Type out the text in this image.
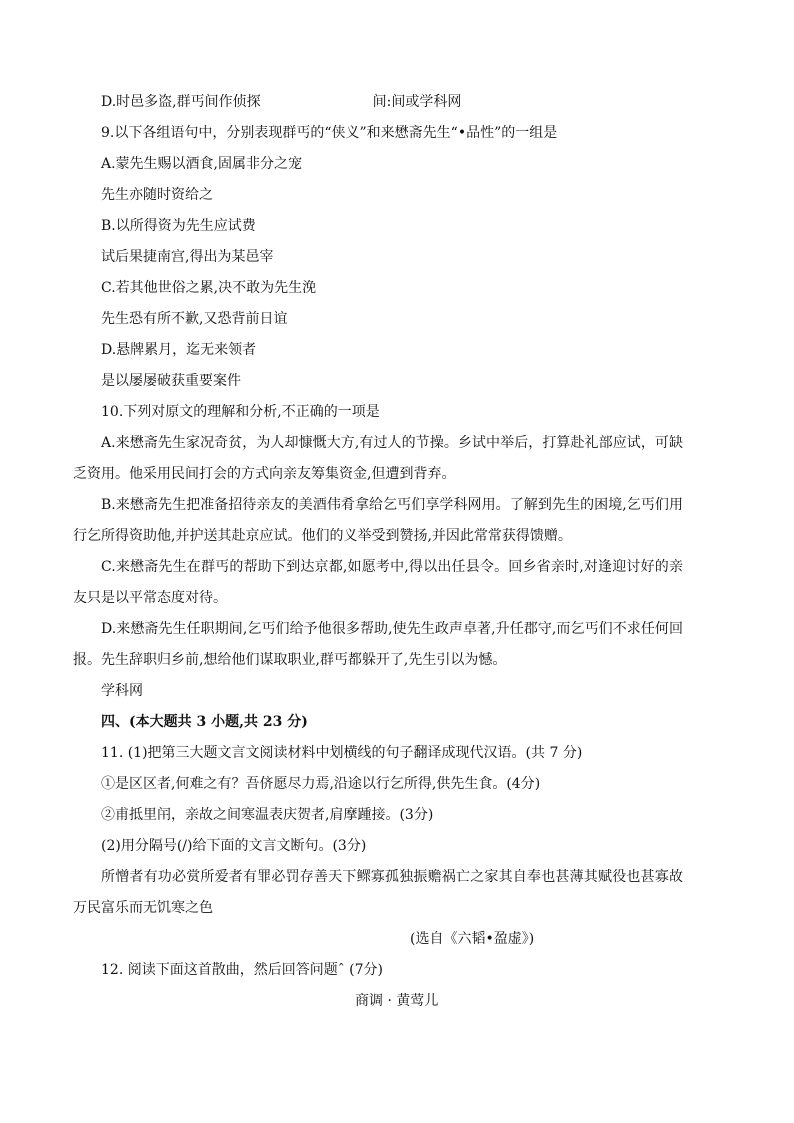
D.时邑多盗,群丐间作侦探	间:间或学科网
9.以下各组语句中，分别表现群丐的“侠义”和来懋斋先生“•品性”的一组是
A.蒙先生赐以酒食,固属非分之宠
先生亦随时资给之
B.以所得资为先生应试费
试后果捷南宫,得出为某邑宰
C.若其他世俗之累,决不敢为先生浼
先生恐有所不歉,又恐背前日谊
D.悬牌累月，迄无来领者
是以屡屡破获重要案件
10.下列对原文的理解和分析,不正确的一项是
A.来懋斋先生家况奇贫，为人却慷慨大方,有过人的节操。乡试中举后，打算赴礼部应试，可缺乏资用。他采用民间打会的方式向亲友筹集资金,但遭到背弃。
B.来懋斋先生把准备招待亲友的美酒伟肴拿给乞丐们享学科网用。了解到先生的困境,乞丐们用行乞所得资助他,并护送其赴京应试。他们的义举受到赞扬,并因此常常获得馈赠。
C.来懋斋先生在群丐的帮助下到达京都,如愿考中,得以出任县令。回乡省亲时,对逢迎讨好的亲友只是以平常态度对待。
D.来懋斋先生任职期间,乞丐们给予他很多帮助,使先生政声卓著,升任郡守,而乞丐们不求任何回报。先生辞职归乡前,想给他们谋取职业,群丐都躲开了,先生引以为憾。
学科网
四、(本大题共 3 小题,共 23 分)
11. (1)把第三大题文言文阅读材料中划横线的句子翻译成现代汉语。(共 7 分)
①是区区者,何难之有？吾侪愿尽力焉,沿途以行乞所得,供先生食。(4分)
②甫抵里闬，亲故之间寒温表庆贺者,肩摩踵接。(3分)
(2)用分隔号(/)给下面的文言文断句。(3分)
所憎者有功必赏所爱者有罪必罚存善天下鳏寡孤独振赡祸亡之家其自奉也甚薄其赋役也甚寡故万民富乐而无饥寒之色
(选自《六韬•盈虚》)
12. 阅读下面这首散曲，然后回答问题ˆ (7分)
商调 · 黄莺儿
